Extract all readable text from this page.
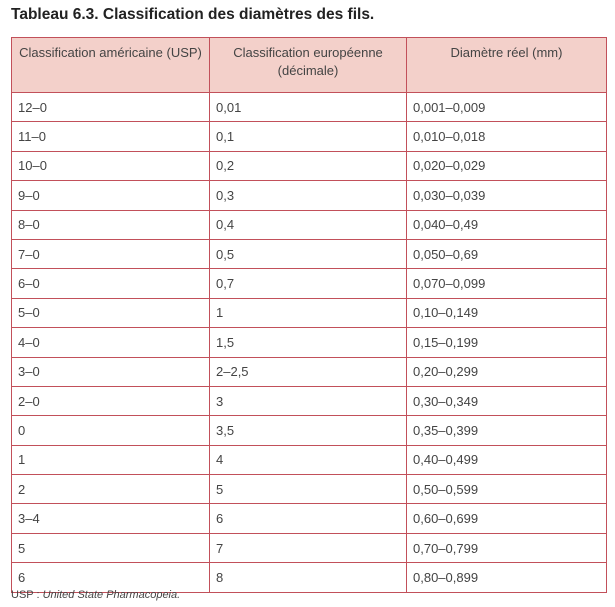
Tableau 6.3. Classification des diamètres des fils.
Classification américaine (USP)	Classification européenne (décimale)	Diamètre réel (mm)
12–0	0,01	0,001–0,009
11–0	0,1	0,010–0,018
10–0	0,2	0,020–0,029
9–0	0,3	0,030–0,039
8–0	0,4	0,040–0,49
7–0	0,5	0,050–0,69
6–0	0,7	0,070–0,099
5–0	1	0,10–0,149
4–0	1,5	0,15–0,199
3–0	2–2,5	0,20–0,299
2–0	3	0,30–0,349
0	3,5	0,35–0,399
1	4	0,40–0,499
2	5	0,50–0,599
3–4	6	0,60–0,699
5	7	0,70–0,799
6	8	0,80–0,899
USP : United State Pharmacopeia.
